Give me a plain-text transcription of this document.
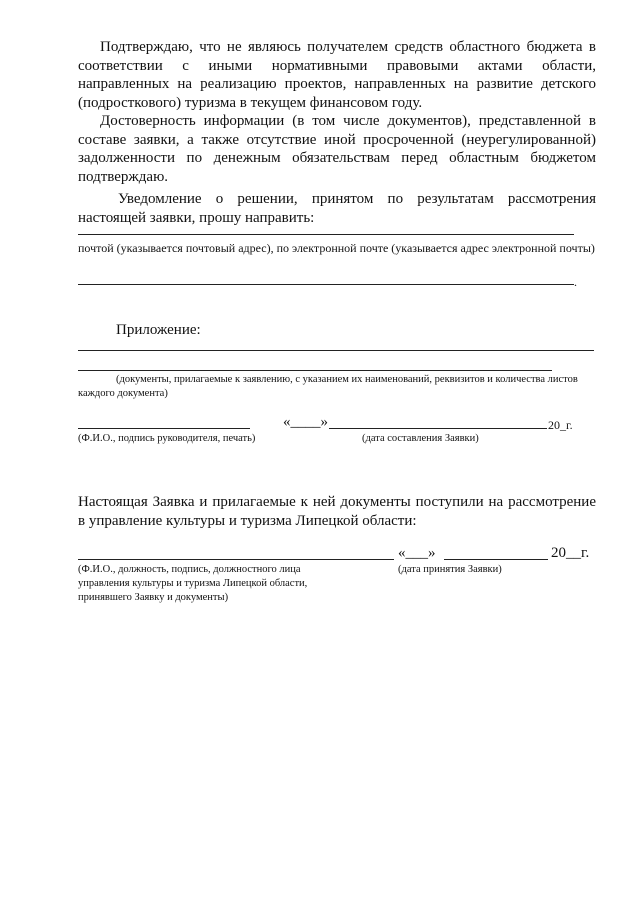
Подтверждаю, что не являюсь получателем средств областного бюджета в соответствии с иными нормативными правовыми актами области, направленных на реализацию проектов, направленных на развитие детского (подросткового) туризма в текущем финансовом году.

Достоверность информации (в том числе документов), представленной в составе заявки, а также отсутствие иной просроченной (неурегулированной) задолженности по денежным обязательствам перед областным бюджетом подтверждаю.

Уведомление о решении, принятом по результатам рассмотрения настоящей заявки, прошу направить:

почтой (указывается почтовый адрес), по электронной почте (указывается адрес электронной почты)
.
Приложение:
(документы, прилагаемые к заявлению, с указанием их наименований, реквизитов и количества листов каждого документа)
«____»	20_г.
(Ф.И.О., подпись руководителя, печать)	(дата составления Заявки)

Настоящая Заявка и прилагаемые к ней документы поступили на рассмотрение в управление культуры и туризма Липецкой области:

«___»	20__г.
(Ф.И.О., должность, подпись, должностного лица управления культуры и туризма Липецкой области, принявшего Заявку и документы)
(дата принятия Заявки)
